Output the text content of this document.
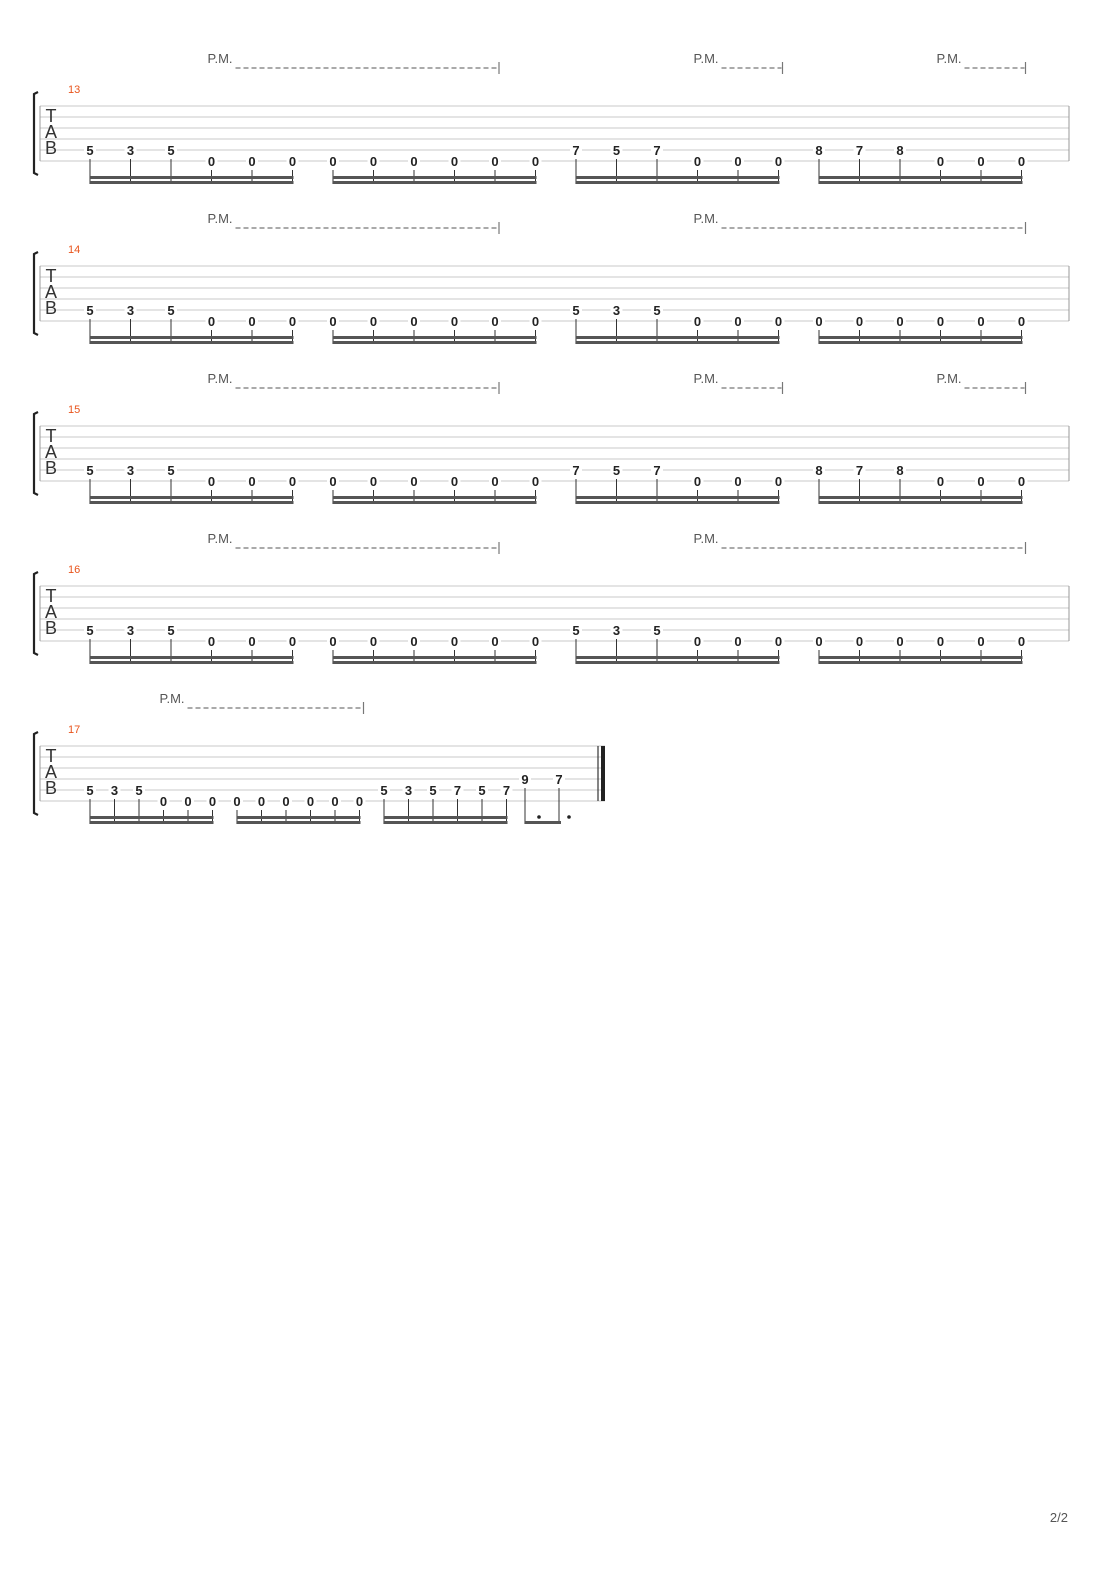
T
A
B
13
P.M.	P.M.	P.M.
5	3	5
0	0	0	0	0	0	0	0	0
7	5	7
0	0	0
8	7	8
0	0	0
T
A
B
14
P.M.	P.M.
5	3	5
0	0	0	0	0	0	0	0	0
5	3	5
0	0	0	0	0	0	0	0	0
T
A
B
15
P.M.	P.M.	P.M.
5	3	5
0	0	0	0	0	0	0	0	0
7	5	7
0	0	0
8	7	8
0	0	0
T
A
B
16
P.M.	P.M.
5	3	5
0	0	0	0	0	0	0	0	0
5	3	5
0	0	0	0	0	0	0	0	0
T
A
B
17
P.M.
5 3 5
0 0 0 0 0 0 0 0 0
5 3 5 7 5 7
9 7
2/2
